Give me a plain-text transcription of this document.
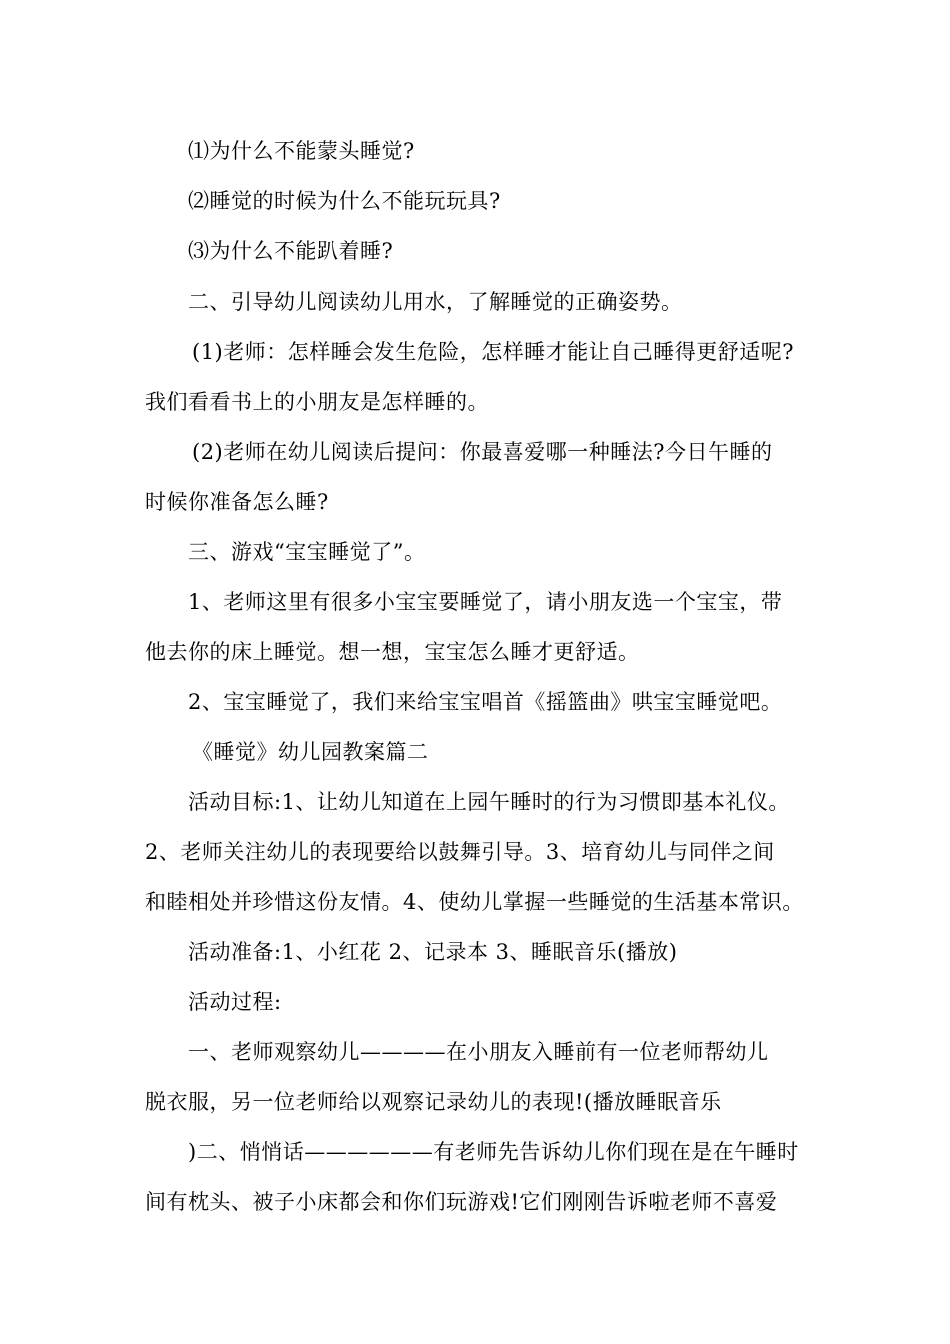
⑴为什么不能蒙头睡觉?
⑵睡觉的时候为什么不能玩玩具?
⑶为什么不能趴着睡?
二、引导幼儿阅读幼儿用水，了解睡觉的正确姿势。
(1)老师：怎样睡会发生危险，怎样睡才能让自己睡得更舒适呢?
我们看看书上的小朋友是怎样睡的。
(2)老师在幼儿阅读后提问：你最喜爱哪一种睡法?今日午睡的
时候你准备怎么睡?
三、游戏“宝宝睡觉了”。
1、老师这里有很多小宝宝要睡觉了，请小朋友选一个宝宝，带
他去你的床上睡觉。想一想，宝宝怎么睡才更舒适。
2、宝宝睡觉了，我们来给宝宝唱首《摇篮曲》哄宝宝睡觉吧。
《睡觉》幼儿园教案篇二
活动目标:1、让幼儿知道在上园午睡时的行为习惯即基本礼仪。
2、老师关注幼儿的表现要给以鼓舞引导。3、培育幼儿与同伴之间
和睦相处并珍惜这份友情。4、使幼儿掌握一些睡觉的生活基本常识。
活动准备:1、小红花 2、记录本 3、睡眠音乐(播放)
活动过程:
一、老师观察幼儿————在小朋友入睡前有一位老师帮幼儿
脱衣服，另一位老师给以观察记录幼儿的表现!(播放睡眠音乐
)二、悄悄话——————有老师先告诉幼儿你们现在是在午睡时
间有枕头、被子小床都会和你们玩游戏!它们刚刚告诉啦老师不喜爱
